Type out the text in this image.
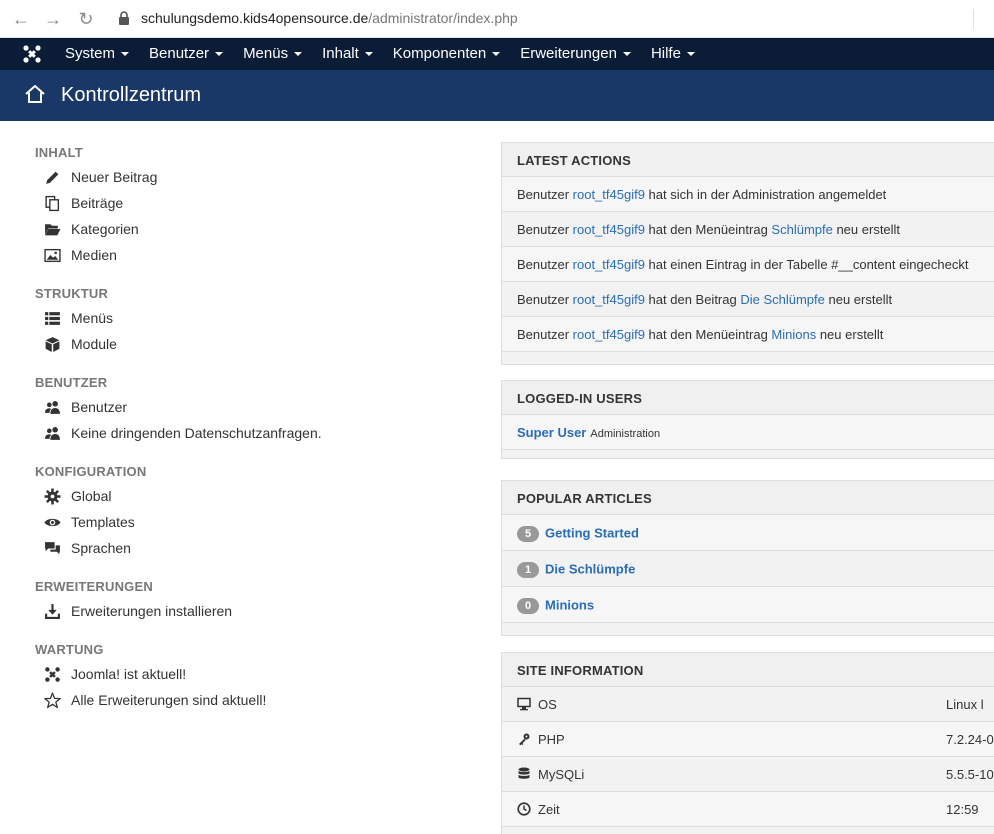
← → ↻	schulungsdemo.kids4opensource.de/administrator/index.php
System	Benutzer	Menüs	Inhalt	Komponenten	Erweiterungen	Hilfe
Kontrollzentrum
INHALT
Neuer Beitrag
Beiträge
Kategorien
Medien
STRUKTUR
Menüs
Module
BENUTZER
Benutzer
Keine dringenden Datenschutzanfragen.
KONFIGURATION
Global
Templates
Sprachen
ERWEITERUNGEN
Erweiterungen installieren
WARTUNG
Joomla! ist aktuell!
Alle Erweiterungen sind aktuell!
LATEST ACTIONS
Benutzer root_tf45gif9 hat sich in der Administration angemeldet
Benutzer root_tf45gif9 hat den Menüeintrag Schlümpfe neu erstellt
Benutzer root_tf45gif9 hat einen Eintrag in der Tabelle #__content eingecheckt
Benutzer root_tf45gif9 hat den Beitrag Die Schlümpfe neu erstellt
Benutzer root_tf45gif9 hat den Menüeintrag Minions neu erstellt
LOGGED-IN USERS
Super User Administration
POPULAR ARTICLES
5 Getting Started
1 Die Schlümpfe
0 Minions
SITE INFORMATION
OS	Linux l
PHP	7.2.24-0
MySQLi	5.5.5-10
Zeit	12:59
